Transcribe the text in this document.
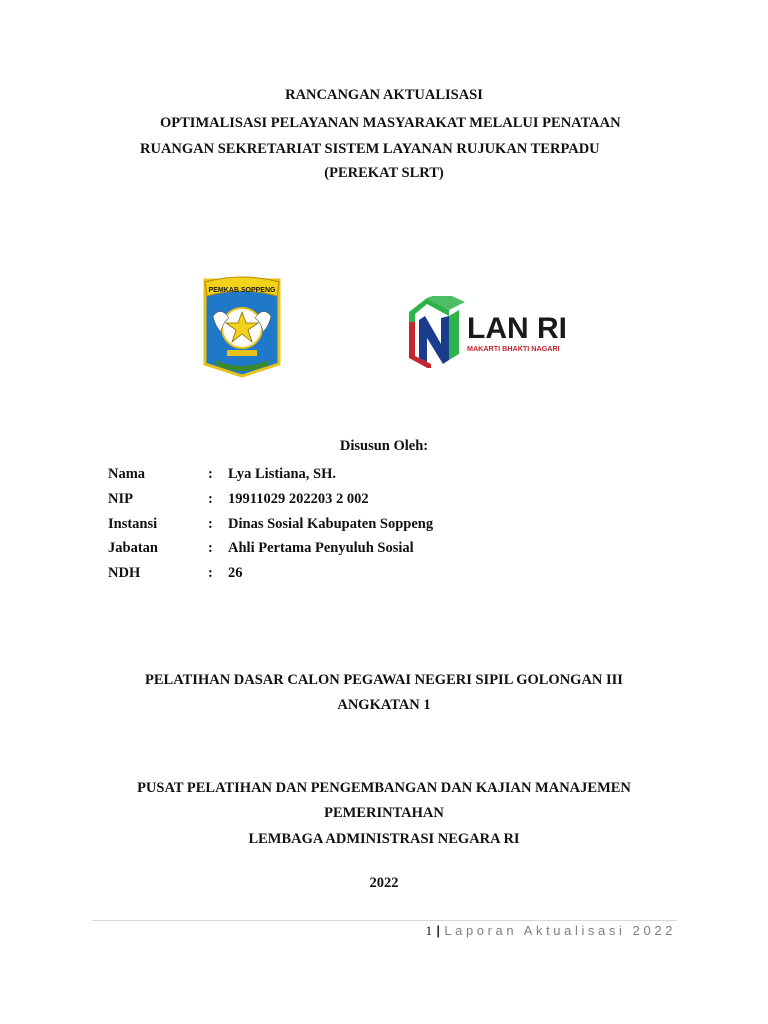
RANCANGAN AKTUALISASI
OPTIMALISASI PELAYANAN MASYARAKAT MELALUI PENATAAN
RUANGAN SEKRETARIAT SISTEM LAYANAN RUJUKAN TERPADU
(PEREKAT SLRT)
PEMKAB SOPPENG
LAN RI
MAKARTI BHAKTI NAGARI
Disusun Oleh:
Nama	: Lya Listiana, SH.
NIP	: 19911029 202203 2 002
Instansi	: Dinas Sosial Kabupaten Soppeng
Jabatan	: Ahli Pertama Penyuluh Sosial
NDH	: 26
PELATIHAN DASAR CALON PEGAWAI NEGERI SIPIL GOLONGAN III
ANGKATAN 1
PUSAT PELATIHAN DAN PENGEMBANGAN DAN KAJIAN MANAJEMEN
PEMERINTAHAN
LEMBAGA ADMINISTRASI NEGARA RI
2022
1 | Laporan Aktualisasi 2022
